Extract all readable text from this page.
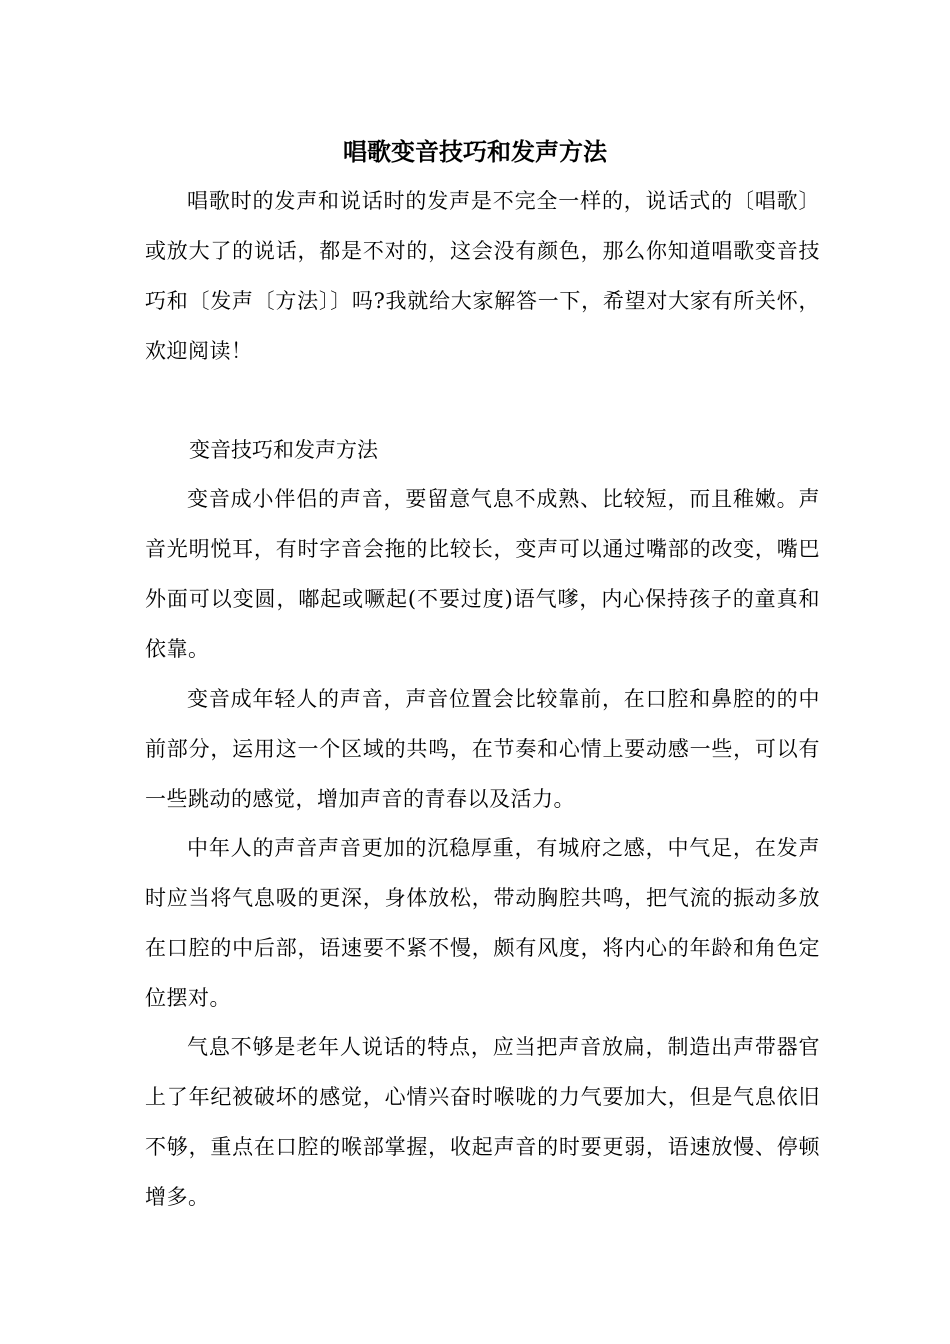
唱歌变音技巧和发声方法

唱歌时的发声和说话时的发声是不完全一样的，说话式的〔唱歌〕或放大了的说话，都是不对的，这会没有颜色，那么你知道唱歌变音技巧和〔发声〔方法〕〕吗?我就给大家解答一下，希望对大家有所关怀，欢迎阅读！

变音技巧和发声方法

变音成小伴侣的声音，要留意气息不成熟、比较短，而且稚嫩。声音光明悦耳，有时字音会拖的比较长，变声可以通过嘴部的改变，嘴巴外面可以变圆，嘟起或噘起(不要过度)语气嗲，内心保持孩子的童真和依靠。

变音成年轻人的声音，声音位置会比较靠前，在口腔和鼻腔的的中前部分，运用这一个区域的共鸣，在节奏和心情上要动感一些，可以有一些跳动的感觉，增加声音的青春以及活力。

中年人的声音声音更加的沉稳厚重，有城府之感，中气足，在发声时应当将气息吸的更深，身体放松，带动胸腔共鸣，把气流的振动多放在口腔的中后部，语速要不紧不慢，颇有风度，将内心的年龄和角色定位摆对。

气息不够是老年人说话的特点，应当把声音放扁，制造出声带器官上了年纪被破坏的感觉，心情兴奋时喉咙的力气要加大，但是气息依旧不够，重点在口腔的喉部掌握，收起声音的时要更弱，语速放慢、停顿增多。
